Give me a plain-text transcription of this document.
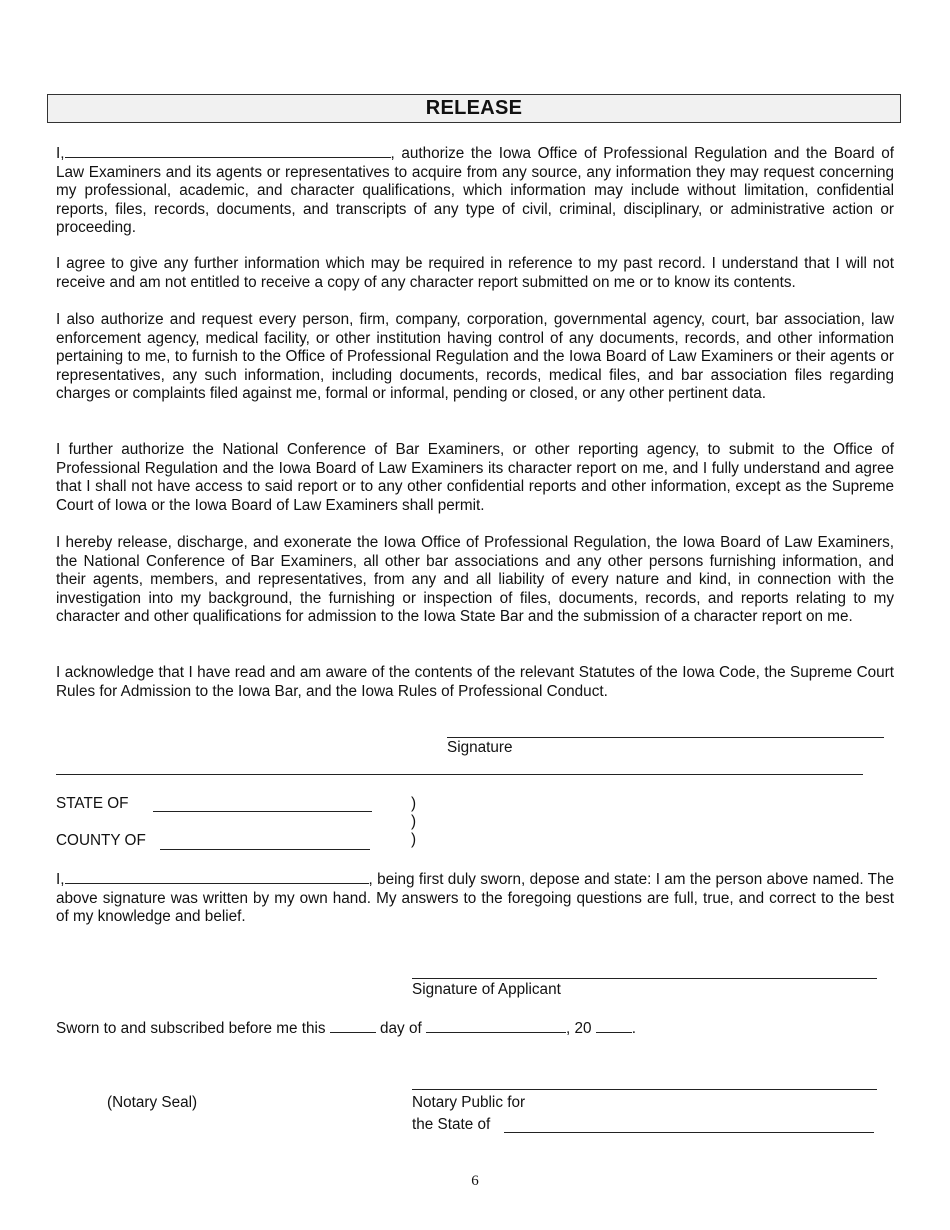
RELEASE

I,	, authorize the Iowa Office of Professional Regulation and the Board of Law Examiners and its agents or representatives to acquire from any source, any information they may request concerning my professional, academic, and character qualifications, which information may include without limitation, confidential reports, files, records, documents, and transcripts of any type of civil, criminal, disciplinary, or administrative action or proceeding.

I agree to give any further information which may be required in reference to my past record. I understand that I will not receive and am not entitled to receive a copy of any character report submitted on me or to know its contents.

I also authorize and request every person, firm, company, corporation, governmental agency, court, bar association, law enforcement agency, medical facility, or other institution having control of any documents, records, and other information pertaining to me, to furnish to the Office of Professional Regulation and the Iowa Board of Law Examiners or their agents or representatives, any such information, including documents, records, medical files, and bar association files regarding charges or complaints filed against me, formal or informal, pending or closed, or any other pertinent data.

I further authorize the National Conference of Bar Examiners, or other reporting agency, to submit to the Office of Professional Regulation and the Iowa Board of Law Examiners its character report on me, and I fully understand and agree that I shall not have access to said report or to any other confidential reports and other information, except as the Supreme Court of Iowa or the Iowa Board of Law Examiners shall permit.

I hereby release, discharge, and exonerate the Iowa Office of Professional Regulation, the Iowa Board of Law Examiners, the National Conference of Bar Examiners, all other bar associations and any other persons furnishing information, and their agents, members, and representatives, from any and all liability of every nature and kind, in connection with the investigation into my background, the furnishing or inspection of files, documents, records, and reports relating to my character and other qualifications for admission to the Iowa State Bar and the submission of a character report on me.

I acknowledge that I have read and am aware of the contents of the relevant Statutes of the Iowa Code, the Supreme Court Rules for Admission to the Iowa Bar, and the Iowa Rules of Professional Conduct.

Signature
STATE OF
COUNTY OF
)
)
)

I,	, being first duly sworn, depose and state: I am the person above named. The above signature was written by my own hand. My answers to the foregoing questions are full, true, and correct to the best of my knowledge and belief.

Signature of Applicant
Sworn to and subscribed before me this	day of	, 20	.
(Notary Seal)	Notary Public for
the State of
6
